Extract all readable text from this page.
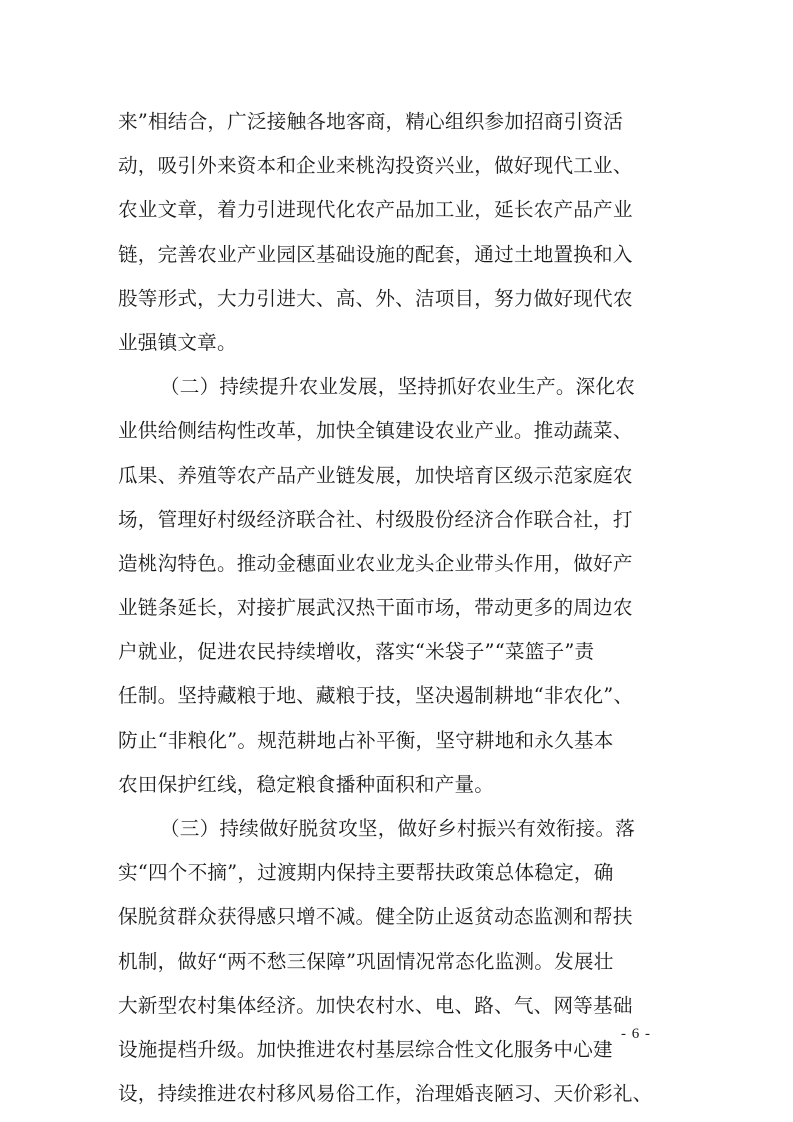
来”相结合，广泛接触各地客商，精心组织参加招商引资活
动，吸引外来资本和企业来桃沟投资兴业，做好现代工业、
农业文章，着力引进现代化农产品加工业，延长农产品产业
链，完善农业产业园区基础设施的配套，通过土地置换和入
股等形式，大力引进大、高、外、洁项目，努力做好现代农
业强镇文章。
（二）持续提升农业发展，坚持抓好农业生产。深化农
业供给侧结构性改革，加快全镇建设农业产业。推动蔬菜、
瓜果、养殖等农产品产业链发展，加快培育区级示范家庭农
场，管理好村级经济联合社、村级股份经济合作联合社，打
造桃沟特色。推动金穗面业农业龙头企业带头作用，做好产
业链条延长，对接扩展武汉热干面市场，带动更多的周边农
户就业，促进农民持续增收，落实“米袋子”“菜篮子”责
任制。坚持藏粮于地、藏粮于技，坚决遏制耕地“非农化”、
防止“非粮化”。规范耕地占补平衡，坚守耕地和永久基本
农田保护红线，稳定粮食播种面积和产量。
（三）持续做好脱贫攻坚，做好乡村振兴有效衔接。落
实“四个不摘”，过渡期内保持主要帮扶政策总体稳定，确
保脱贫群众获得感只增不减。健全防止返贫动态监测和帮扶
机制，做好“两不愁三保障”巩固情况常态化监测。发展壮
大新型农村集体经济。加快农村水、电、路、气、网等基础
设施提档升级。加快推进农村基层综合性文化服务中心建
设，持续推进农村移风易俗工作，治理婚丧陋习、天价彩礼、
- 6 -
